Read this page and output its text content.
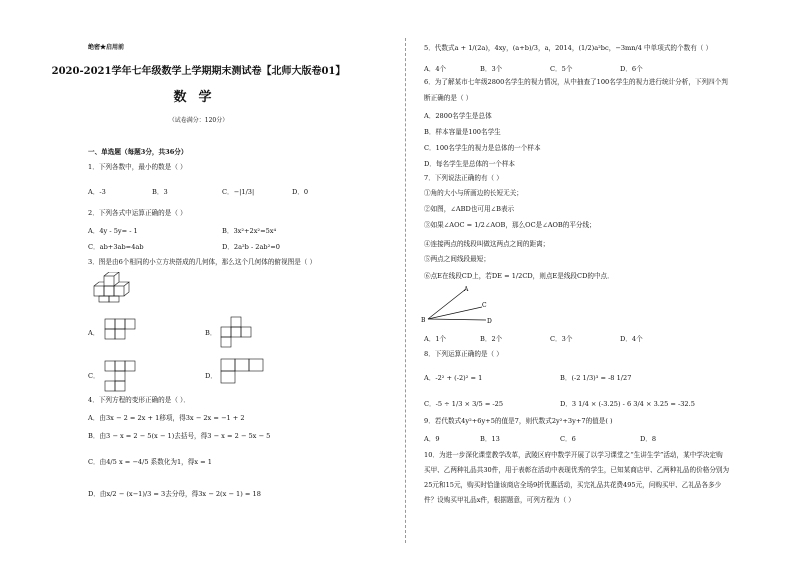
绝密★启用前
2020-2021学年七年级数学上学期期末测试卷【北师大版卷01】
数学
（试卷满分：120分）
一、单选题（每题3分，共36分）
1．下列各数中，最小的数是（ ）
A．-3	B．3	C．−|1/3|	D．0
2．下列各式中运算正确的是（ ）
A．4y - 5y= - 1	B．3x²+2x²=5x⁴
C．ab+3ab=4ab	D．2a²b - 2ab²=0
3．图是由6个相同的小立方块搭成的几何体，那么这个几何体的俯视图是（ ）
A．	B．
C．	D．
4．下列方程的变形正确的是（ ）．
A．由3x − 2 = 2x + 1移项，得3x − 2x = −1 + 2
B．由3 − x = 2 − 5(x − 1)去括号，得3 − x = 2 − 5x − 5
C．由4/5 x = −4/5 系数化为1，得x = 1
D．由x/2 − (x−1)/3 = 3去分母，得3x − 2(x − 1) = 18
5．代数式a + 1/(2a)，4xy，(a+b)/3，a，2014，(1/2)a²bc，−3mn/4 中单项式的个数有（ ）
A．4个	B．3个	C．5个	D．6个
6．为了解某市七年级2800名学生的视力情况，从中抽查了100名学生的视力进行统计分析，下列四个判
断正确的是（ ）
A．2800名学生是总体
B．样本容量是100名学生
C．100名学生的视力是总体的一个样本
D．每名学生是总体的一个样本
7．下列说法正确的有（ ）
①角的大小与所画边的长短无关；
②如图，∠ABD也可用∠B表示
③如果∠AOC = 1/2∠AOB，那么OC是∠AOB的平分线；
④连接两点的线段叫做这两点之间的距离；
⑤两点之间线段最短；
⑥点E在线段CD上，若DE = 1/2CD，则点E是线段CD的中点．
A
B
C
D
A．1个	B．2个	C．3个	D．4个
8．下列运算正确的是（ ）
A．-2² + (-2)² = 1	B．(-2 1/3)³ = -8 1/27
C．-5 ÷ 1/3 × 3/5 = -25	D．3 1/4 × (-3.25) - 6 3/4 × 3.25 = -32.5
9．若代数式4y²+6y+5的值是7，则代数式2y²+3y+7的值是( )
A．9	B．13	C．6	D．8
10．为进一步深化课堂教学改革，武陵区府中数学开展了以学习课堂之“生讲生学”活动，某中学决定购
买甲、乙两种礼品共30件，用于表彰在活动中表现优秀的学生，已知某商店甲、乙两种礼品的价格分别为
25元和15元，购买时恰逢该商店全场9折优惠活动，买完礼品共花费495元，问购买甲、乙礼品各多少
件？设购买甲礼品x件，根据题意，可列方程为（ ）
